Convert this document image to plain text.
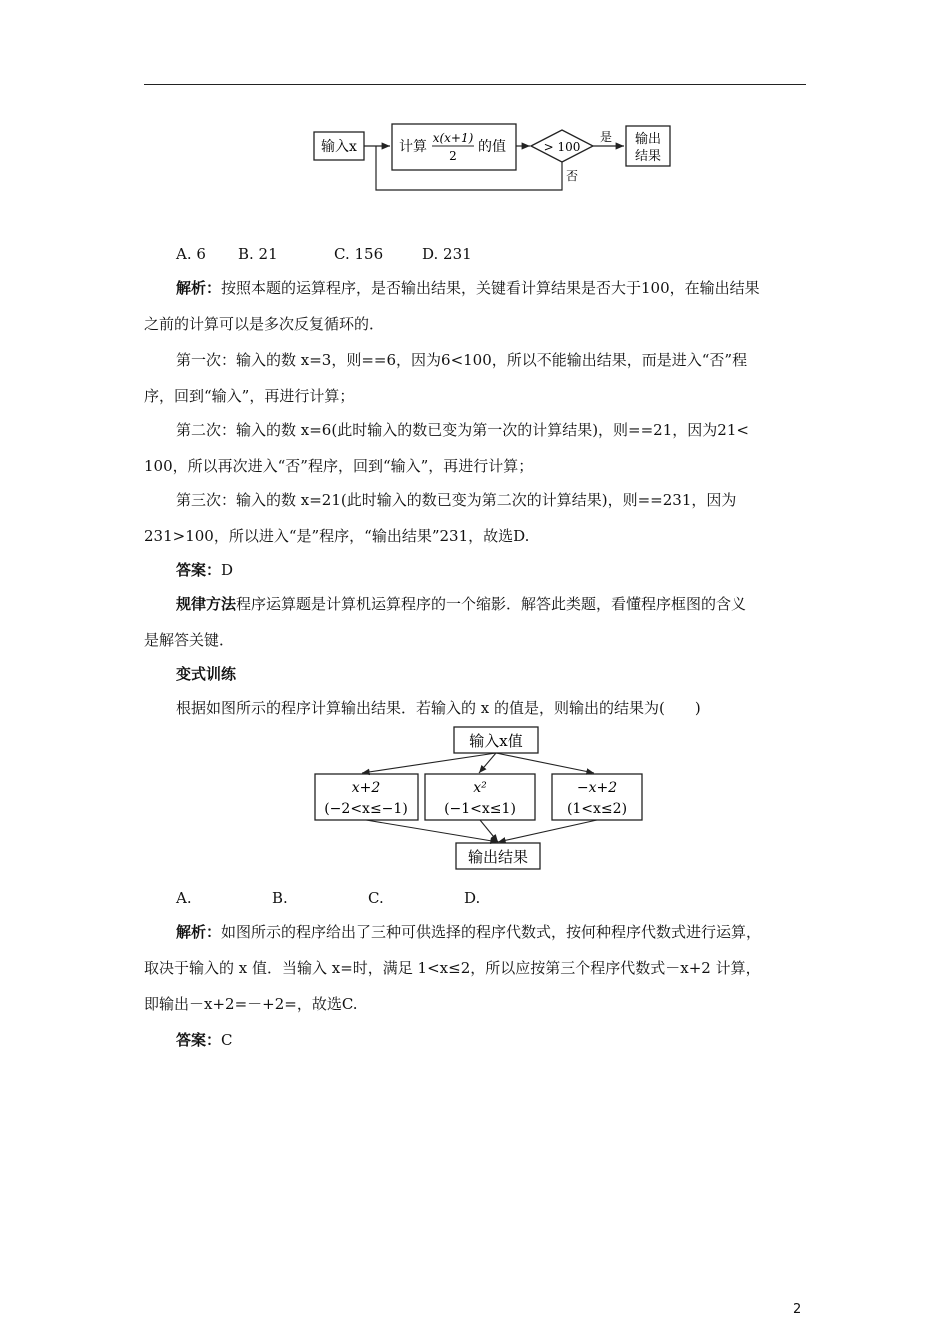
输入x	计算
x(x+1)
2
的值	> 100
是 输出
结果
否
A. 6 B. 21	C. 156	D. 231
解析：按照本题的运算程序，是否输出结果，关键看计算结果是否大于100，在输出结果
之前的计算可以是多次反复循环的．
第一次：输入的数 x=3，则==6，因为6<100，所以不能输出结果，而是进入“否”程
序，回到“输入”，再进行计算；
第二次：输入的数 x=6(此时输入的数已变为第一次的计算结果)，则==21，因为21<
100，所以再次进入“否”程序，回到“输入”，再进行计算；
第三次：输入的数 x=21(此时输入的数已变为第二次的计算结果)，则==231，因为
231>100，所以进入“是”程序，“输出结果”231，故选D.
答案：D
规律方法程序运算题是计算机运算程序的一个缩影．解答此类题，看懂程序框图的含义
是解答关键．
变式训练
根据如图所示的程序计算输出结果．若输入的 x 的值是，则输出的结果为(　　)
输入x值
x+2
(−2<x≤−1)
x²
(−1<x≤1)
−x+2
(1<x≤2)
输出结果
A.	B.	C.	D.
解析：如图所示的程序给出了三种可供选择的程序代数式，按何种程序代数式进行运算，
取决于输入的 x 值．当输入 x=时，满足 1<x≤2，所以应按第三个程序代数式－x+2 计算，
即输出－x+2=－+2=，故选C.
答案：C
2
